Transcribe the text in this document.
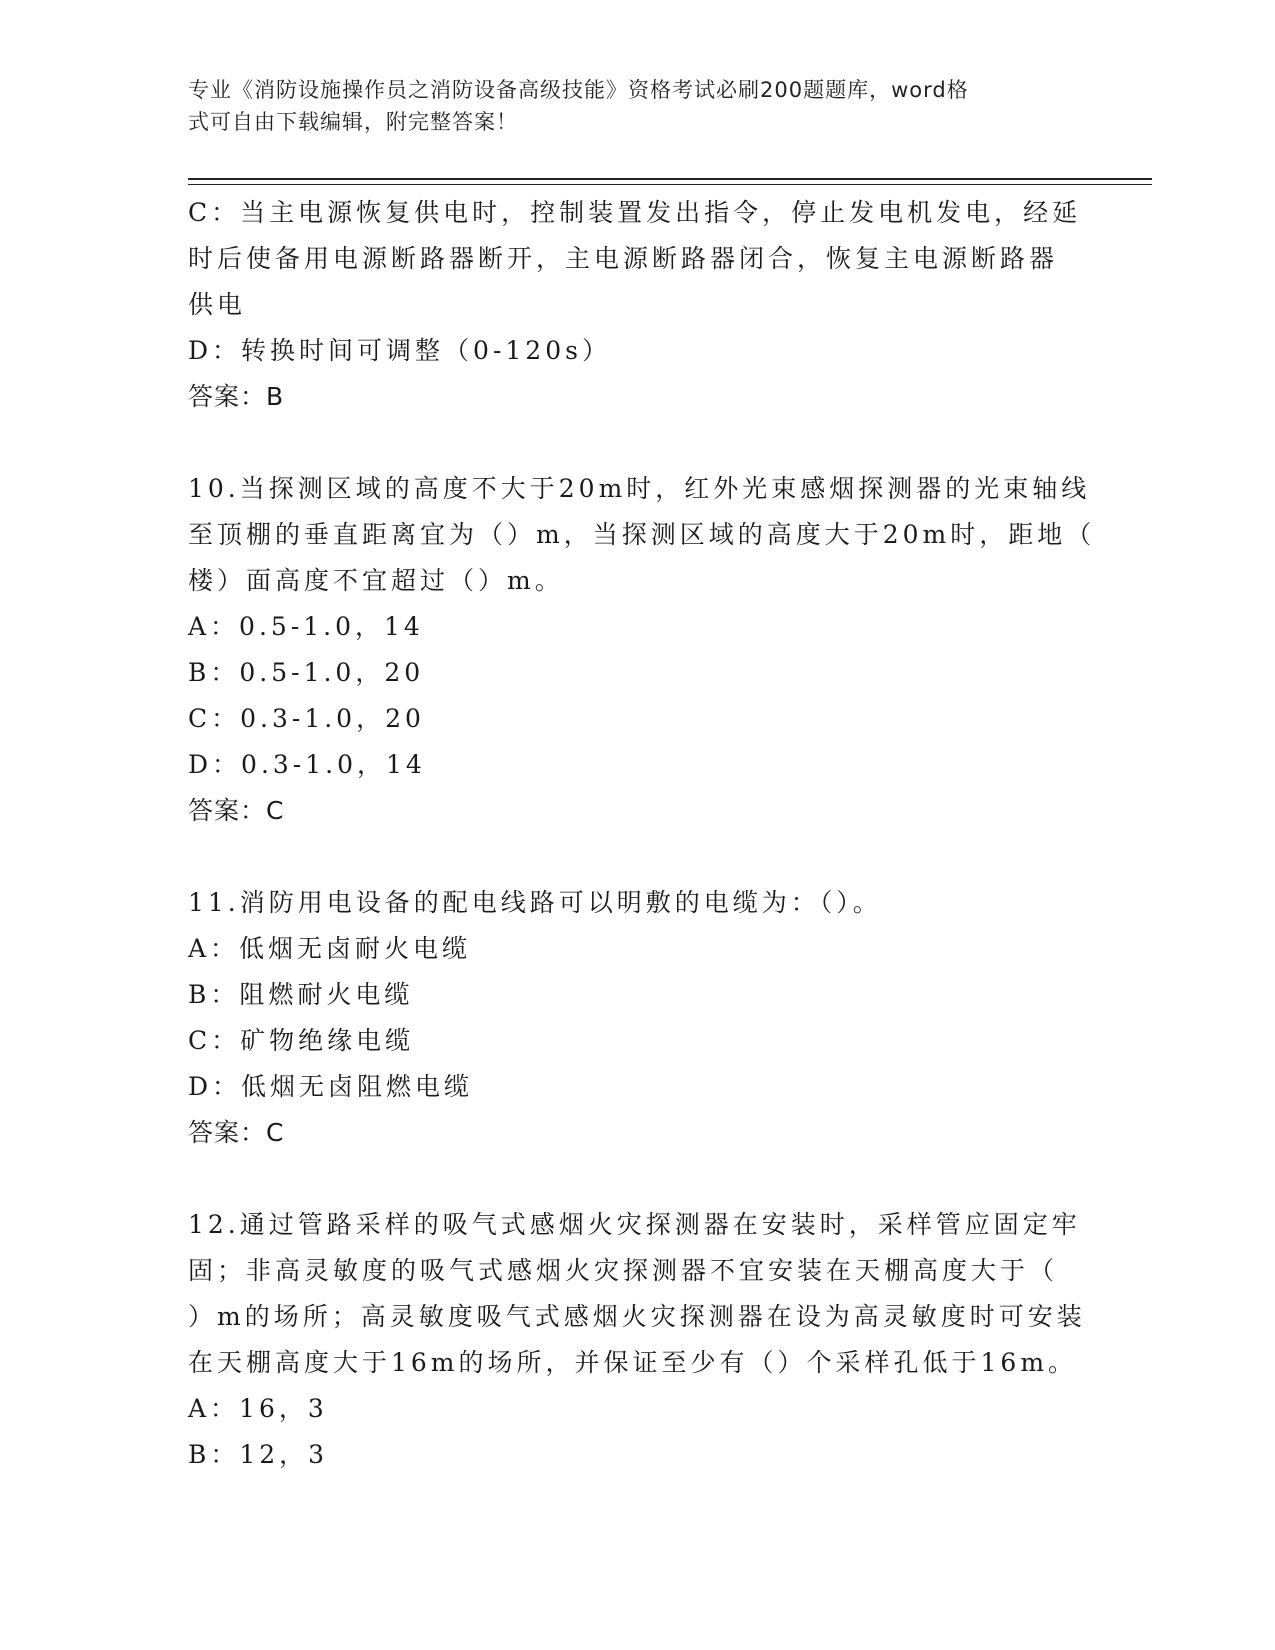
专业《消防设施操作员之消防设备高级技能》资格考试必刷200题题库，word格
式可自由下载编辑，附完整答案！
C：当主电源恢复供电时，控制装置发出指令，停止发电机发电，经延
时后使备用电源断路器断开，主电源断路器闭合，恢复主电源断路器
供电
D：转换时间可调整（0-120s）
答案：B
10.当探测区域的高度不大于20m时，红外光束感烟探测器的光束轴线
至顶棚的垂直距离宜为（）m，当探测区域的高度大于20m时，距地（
楼）面高度不宜超过（）m。
A：0.5-1.0，14
B：0.5-1.0，20
C：0.3-1.0，20
D：0.3-1.0，14
答案：C
11.消防用电设备的配电线路可以明敷的电缆为：（）。
A：低烟无卤耐火电缆
B：阻燃耐火电缆
C：矿物绝缘电缆
D：低烟无卤阻燃电缆
答案：C
12.通过管路采样的吸气式感烟火灾探测器在安装时，采样管应固定牢
固；非高灵敏度的吸气式感烟火灾探测器不宜安装在天棚高度大于（
）m的场所；高灵敏度吸气式感烟火灾探测器在设为高灵敏度时可安装
在天棚高度大于16m的场所，并保证至少有（）个采样孔低于16m。
A：16，3
B：12，3
